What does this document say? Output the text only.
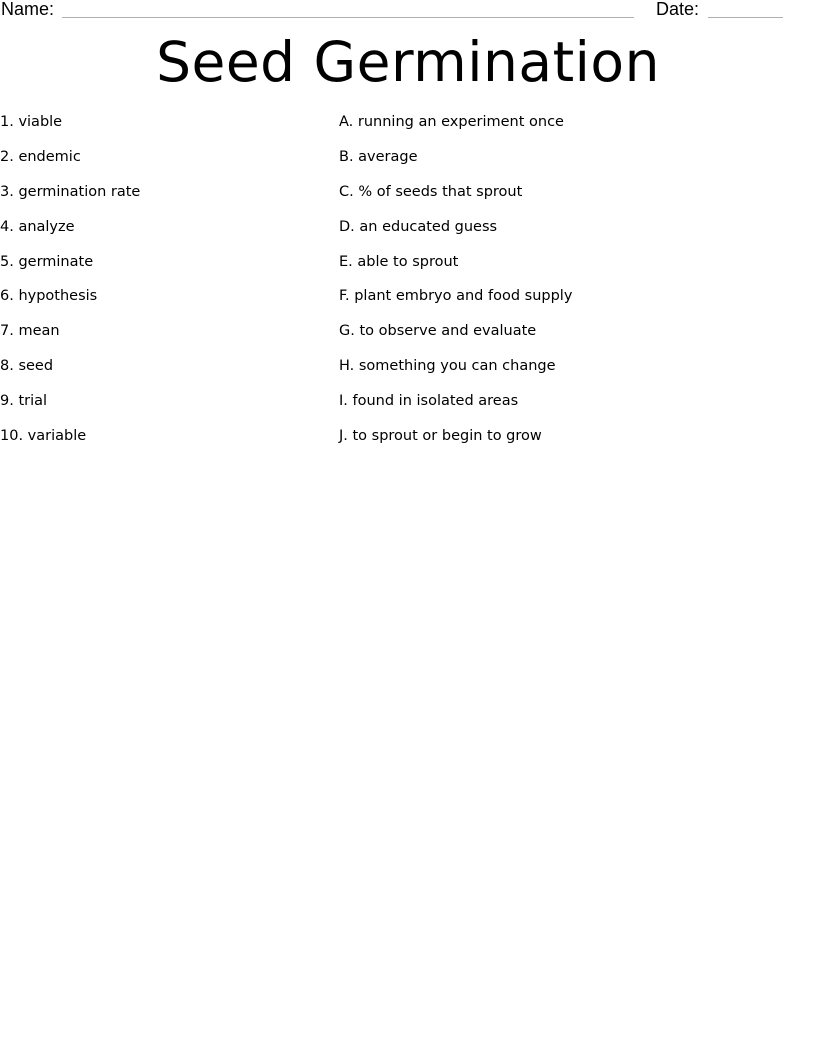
Name:	Date:
Seed Germination
1. viable
2. endemic
3. germination rate
4. analyze
5. germinate
6. hypothesis
7. mean
8. seed
9. trial
10. variable
A. running an experiment once
B. average
C. % of seeds that sprout
D. an educated guess
E. able to sprout
F. plant embryo and food supply
G. to observe and evaluate
H. something you can change
I. found in isolated areas
J. to sprout or begin to grow
